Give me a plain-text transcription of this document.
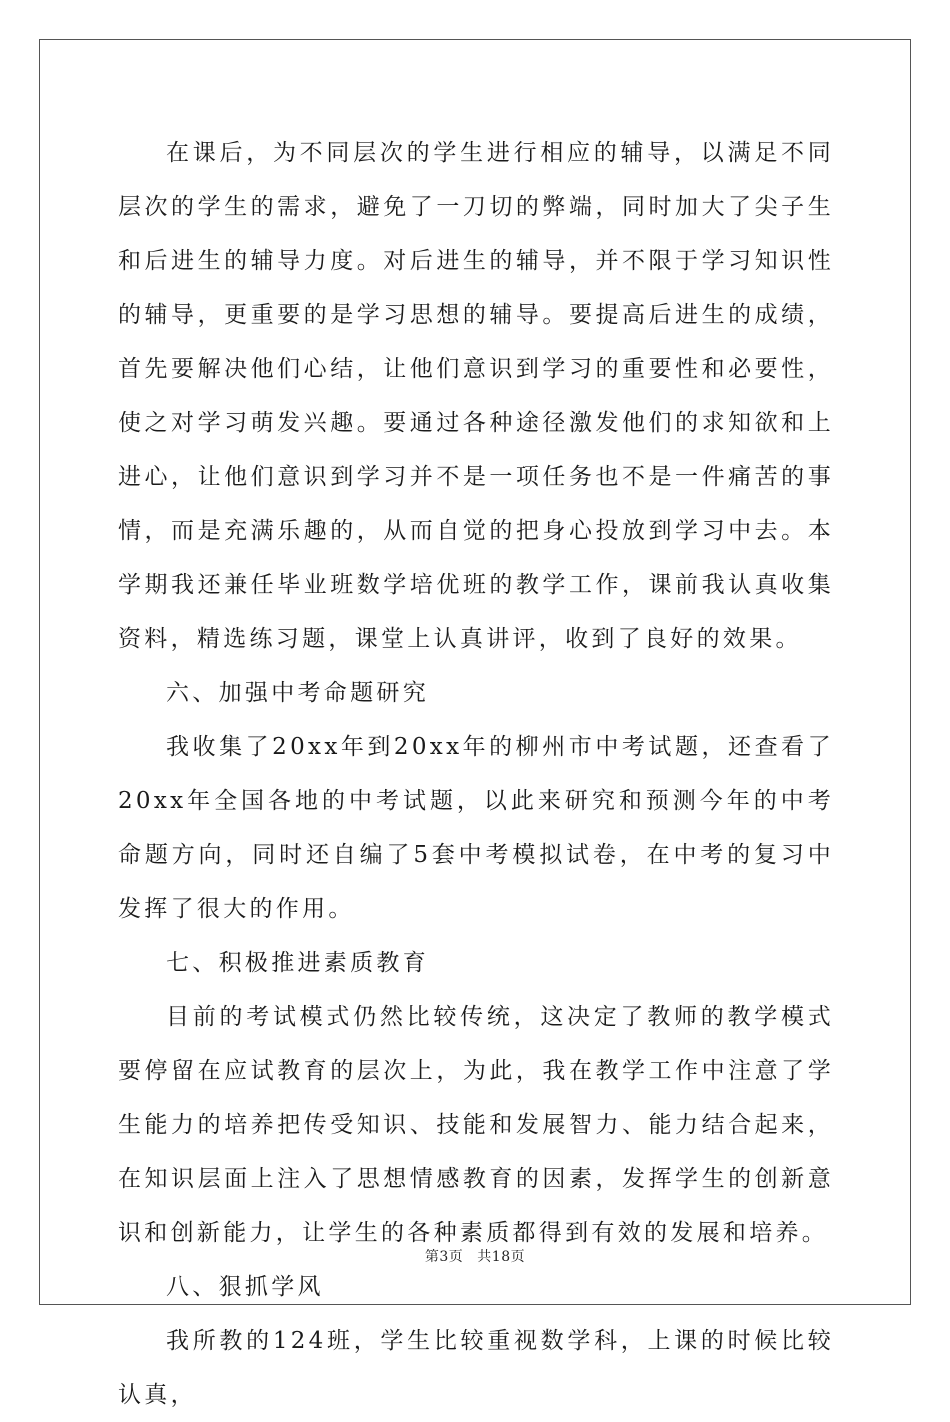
在课后，为不同层次的学生进行相应的辅导，以满足不同层次的学生的需求，避免了一刀切的弊端，同时加大了尖子生和后进生的辅导力度。对后进生的辅导，并不限于学习知识性的辅导，更重要的是学习思想的辅导。要提高后进生的成绩，首先要解决他们心结，让他们意识到学习的重要性和必要性，使之对学习萌发兴趣。要通过各种途径激发他们的求知欲和上进心，让他们意识到学习并不是一项任务也不是一件痛苦的事情，而是充满乐趣的，从而自觉的把身心投放到学习中去。本学期我还兼任毕业班数学培优班的教学工作，课前我认真收集资料，精选练习题，课堂上认真讲评，收到了良好的效果。

六、加强中考命题研究

我收集了20xx年到20xx年的柳州市中考试题，还查看了20xx年全国各地的中考试题，以此来研究和预测今年的中考命题方向，同时还自编了5套中考模拟试卷，在中考的复习中发挥了很大的作用。

七、积极推进素质教育

目前的考试模式仍然比较传统，这决定了教师的教学模式要停留在应试教育的层次上，为此，我在教学工作中注意了学生能力的培养把传受知识、技能和发展智力、能力结合起来，在知识层面上注入了思想情感教育的因素，发挥学生的创新意识和创新能力，让学生的各种素质都得到有效的发展和培养。

八、狠抓学风

我所教的124班，学生比较重视数学科，上课的时候比较认真，

第3页 共18页
